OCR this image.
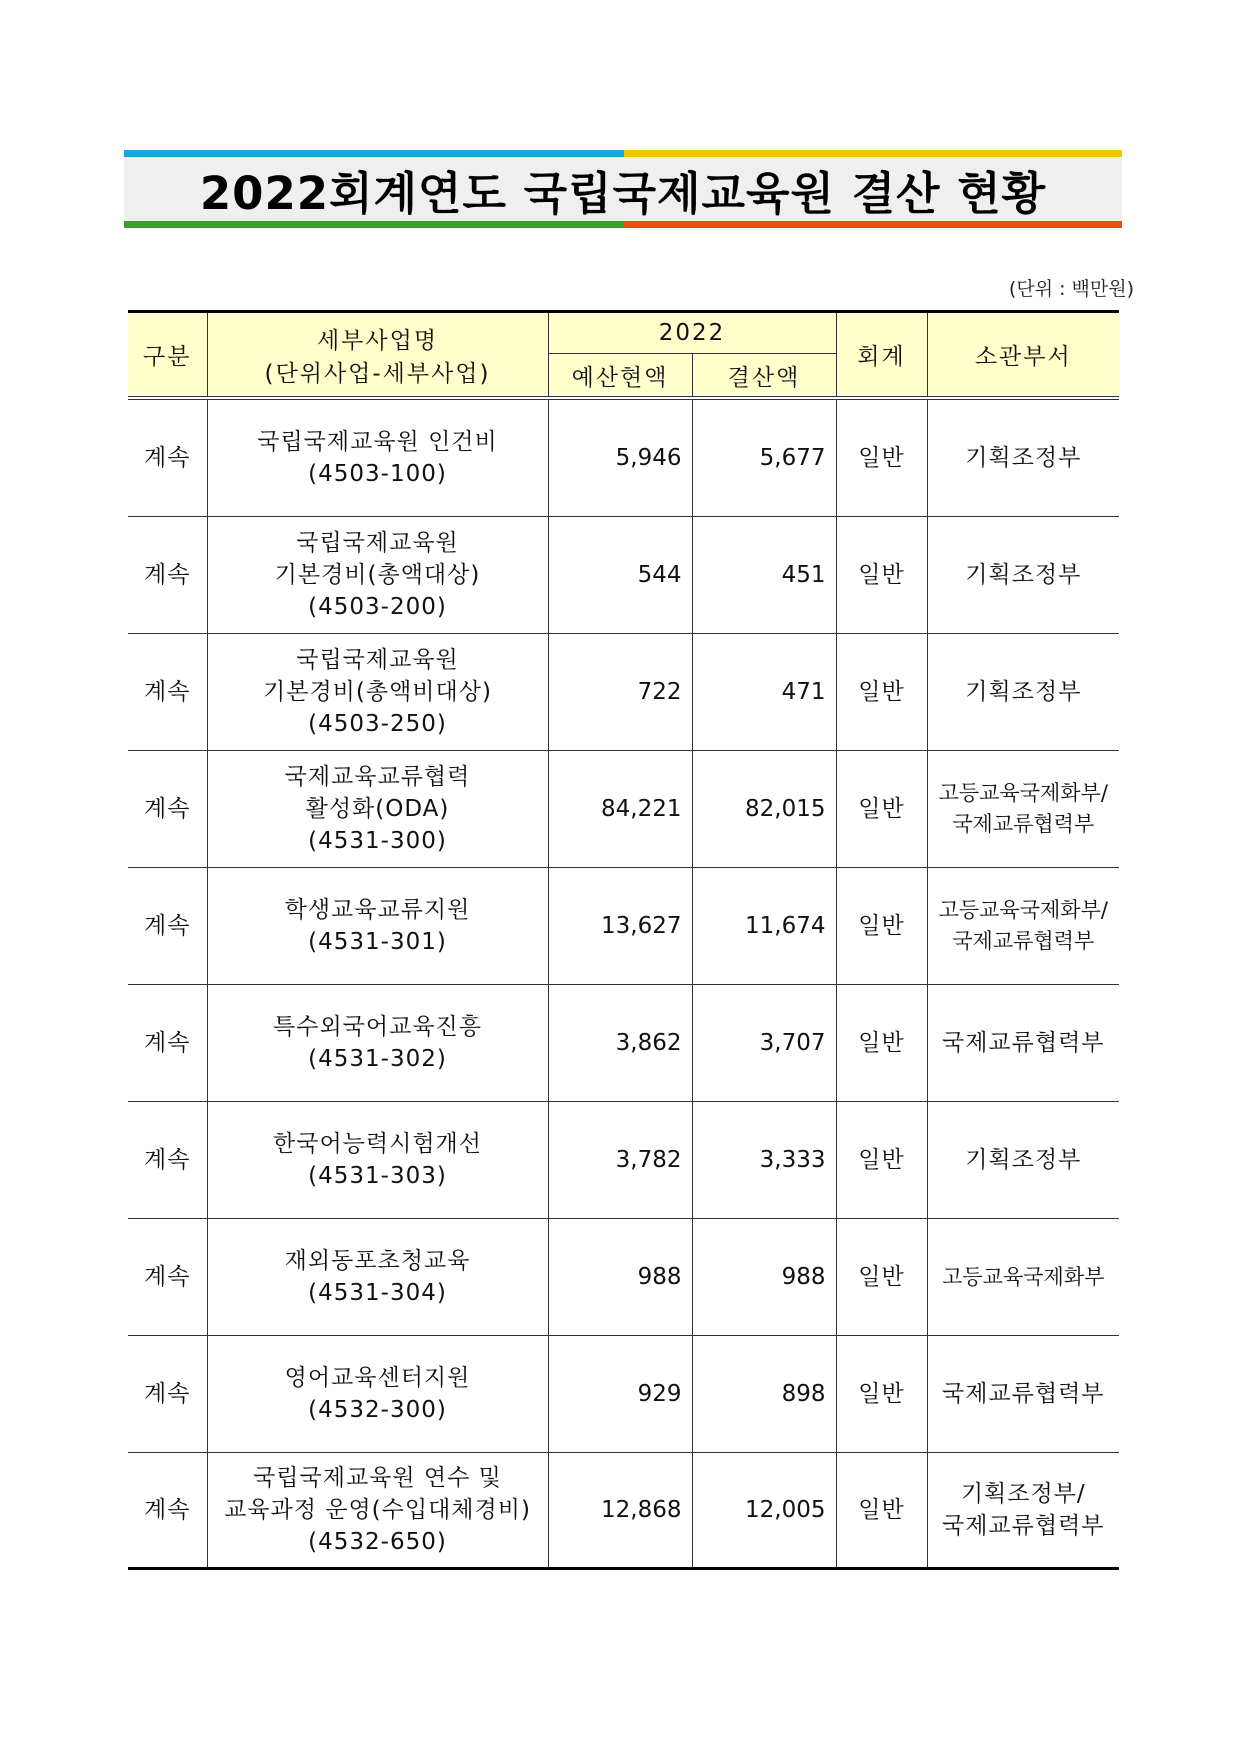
2022회계연도 국립국제교육원 결산 현황
(단위 : 백만원)
구분	세부사업명
(단위사업-세부사업)	2022		회계	소관부서
		예산현액	결산액		
계속	국립국제교육원 인건비
(4503-100)	5,946	5,677	일반	기획조정부

계속	국립국제교육원
기본경비(총액대상)
(4503-200)	544	451	일반	기획조정부

계속	국립국제교육원
기본경비(총액비대상)
(4503-250)	722	471	일반	기획조정부

계속	국제교육교류협력
활성화(ODA)
(4531-300)	84,221	82,015	일반	고등교육국제화부/
국제교류협력부

계속	학생교육교류지원
(4531-301)	13,627	11,674	일반	고등교육국제화부/
국제교류협력부

계속	특수외국어교육진흥
(4531-302)	3,862	3,707	일반	국제교류협력부

계속	한국어능력시험개선
(4531-303)	3,782	3,333	일반	기획조정부

계속	재외동포초청교육
(4531-304)	988	988	일반	고등교육국제화부

계속	영어교육센터지원
(4532-300)	929	898	일반	국제교류협력부

계속	국립국제교육원 연수 및
교육과정 운영(수입대체경비)
(4532-650)	12,868	12,005	일반	기획조정부/
국제교류협력부
